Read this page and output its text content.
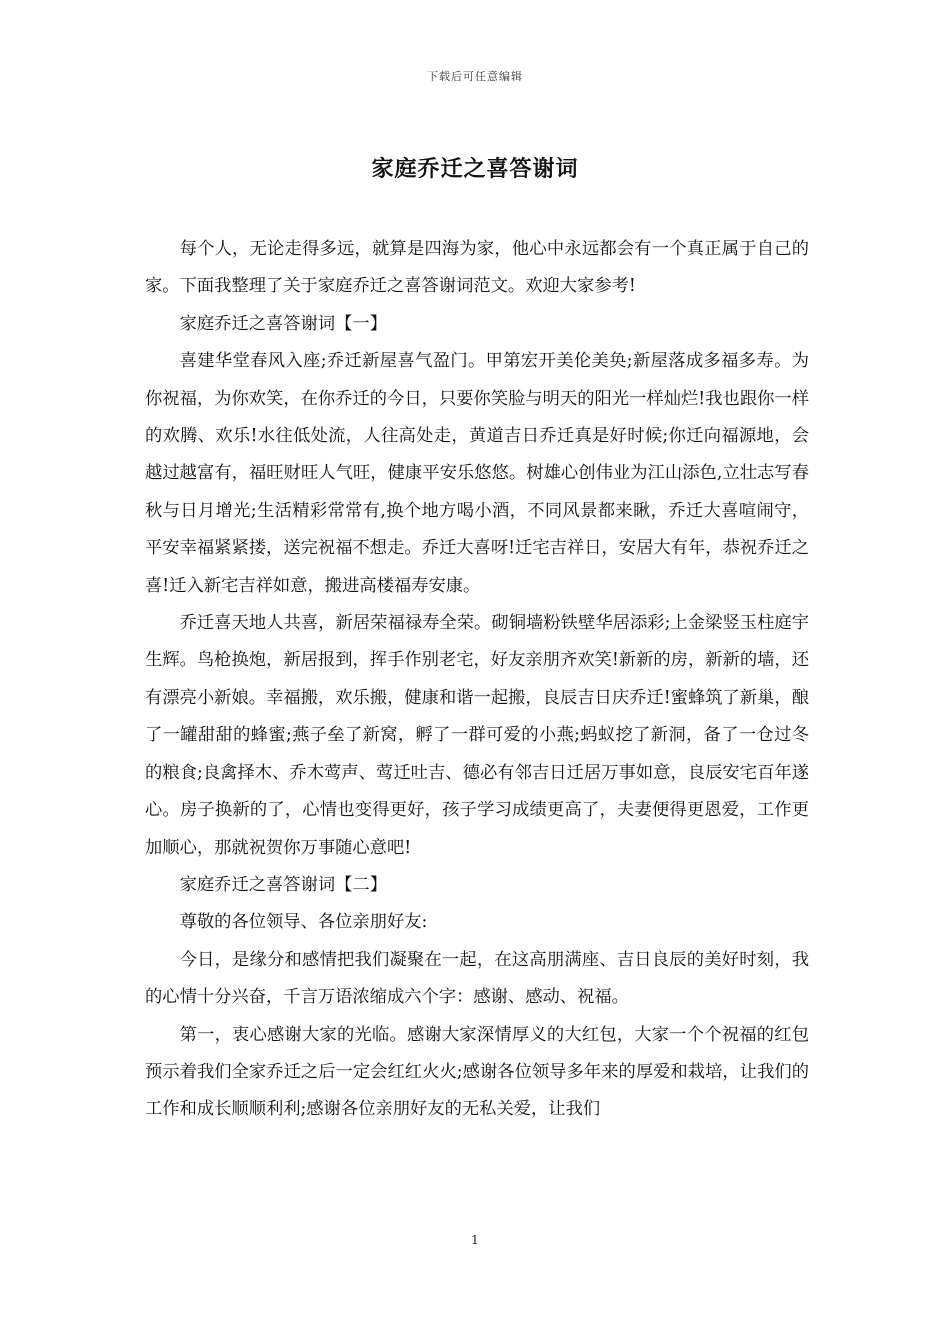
下载后可任意编辑
家庭乔迁之喜答谢词

每个人，无论走得多远，就算是四海为家，他心中永远都会有一个真正属于自己的家。下面我整理了关于家庭乔迁之喜答谢词范文。欢迎大家参考!

家庭乔迁之喜答谢词【一】

喜建华堂春风入座;乔迁新屋喜气盈门。甲第宏开美伦美奂;新屋落成多福多寿。为你祝福，为你欢笑，在你乔迁的今日，只要你笑脸与明天的阳光一样灿烂!我也跟你一样的欢腾、欢乐!水往低处流，人往高处走，黄道吉日乔迁真是好时候;你迁向福源地，会越过越富有，福旺财旺人气旺，健康平安乐悠悠。树雄心创伟业为江山添色,立壮志写春秋与日月增光;生活精彩常常有,换个地方喝小酒，不同风景都来瞅，乔迁大喜喧闹守，平安幸福紧紧搂，送完祝福不想走。乔迁大喜呀!迁宅吉祥日，安居大有年，恭祝乔迁之喜!迁入新宅吉祥如意，搬进高楼福寿安康。

乔迁喜天地人共喜，新居荣福禄寿全荣。砌铜墙粉铁壁华居添彩;上金梁竖玉柱庭宇生辉。鸟枪换炮，新居报到，挥手作别老宅，好友亲朋齐欢笑!新新的房，新新的墙，还有漂亮小新娘。幸福搬，欢乐搬，健康和谐一起搬，良辰吉日庆乔迁!蜜蜂筑了新巢，酿了一罐甜甜的蜂蜜;燕子垒了新窝，孵了一群可爱的小燕;蚂蚁挖了新洞，备了一仓过冬的粮食;良禽择木、乔木莺声、莺迁吐吉、德必有邻吉日迁居万事如意，良辰安宅百年遂心。房子换新的了，心情也变得更好，孩子学习成绩更高了，夫妻便得更恩爱，工作更加顺心，那就祝贺你万事随心意吧!

家庭乔迁之喜答谢词【二】

尊敬的各位领导、各位亲朋好友:

今日，是缘分和感情把我们凝聚在一起，在这高朋满座、吉日良辰的美好时刻，我的心情十分兴奋，千言万语浓缩成六个字：感谢、感动、祝福。

第一，衷心感谢大家的光临。感谢大家深情厚义的大红包，大家一个个祝福的红包预示着我们全家乔迁之后一定会红红火火;感谢各位领导多年来的厚爱和栽培，让我们的工作和成长顺顺利利;感谢各位亲朋好友的无私关爱，让我们

1
